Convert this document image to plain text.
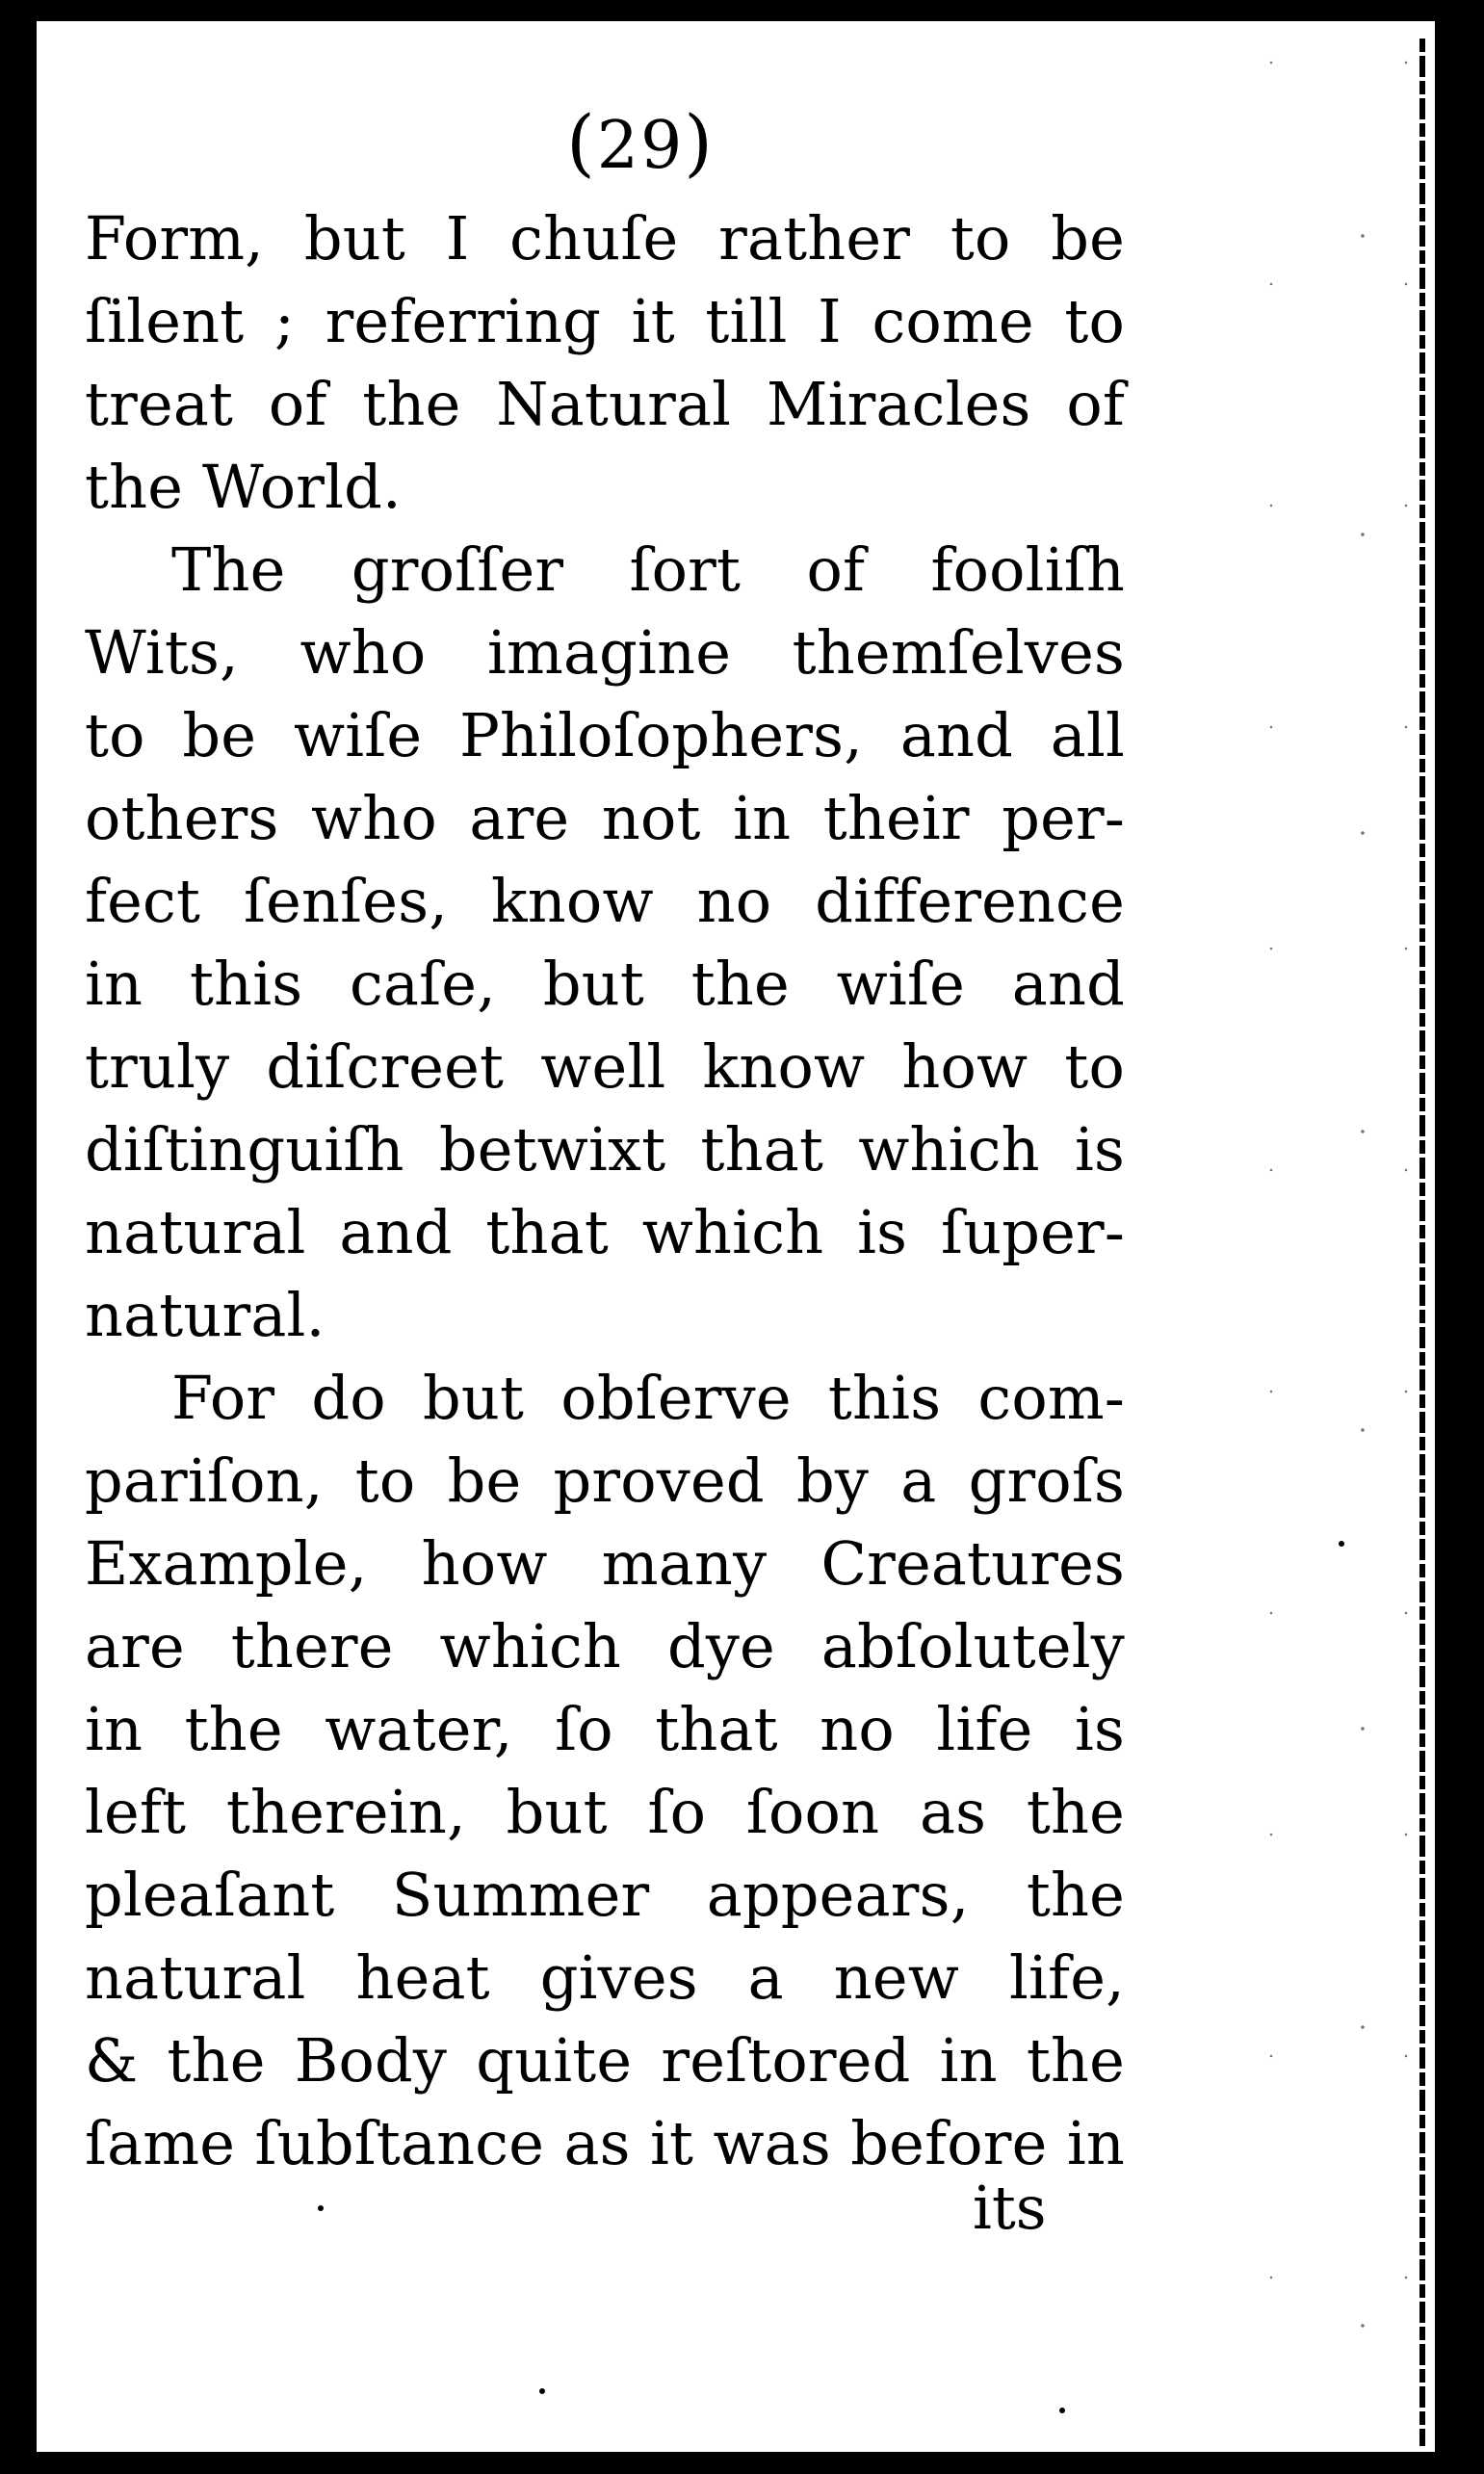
(29)
Form, but I chuſe rather to be
ſilent ; referring it till I come to
treat of the Natural Miracles of
the World.
The groſſer ſort of fooliſh
Wits, who imagine themſelves
to be wiſe Philoſophers, and all
others who are not in their per-
fect ſenſes, know no difference
in this caſe, but the wiſe and
truly diſcreet well know how to
diſtinguiſh betwixt that which is
natural and that which is ſuper-
natural.
For do but obſerve this com-
pariſon, to be proved by a groſs
Example, how many Creatures
are there which dye abſolutely
in the water, ſo that no life is
left therein, but ſo ſoon as the
pleaſant Summer appears, the
natural heat gives a new life,
& the Body quite reſtored in the
ſame ſubſtance as it was before in
its
